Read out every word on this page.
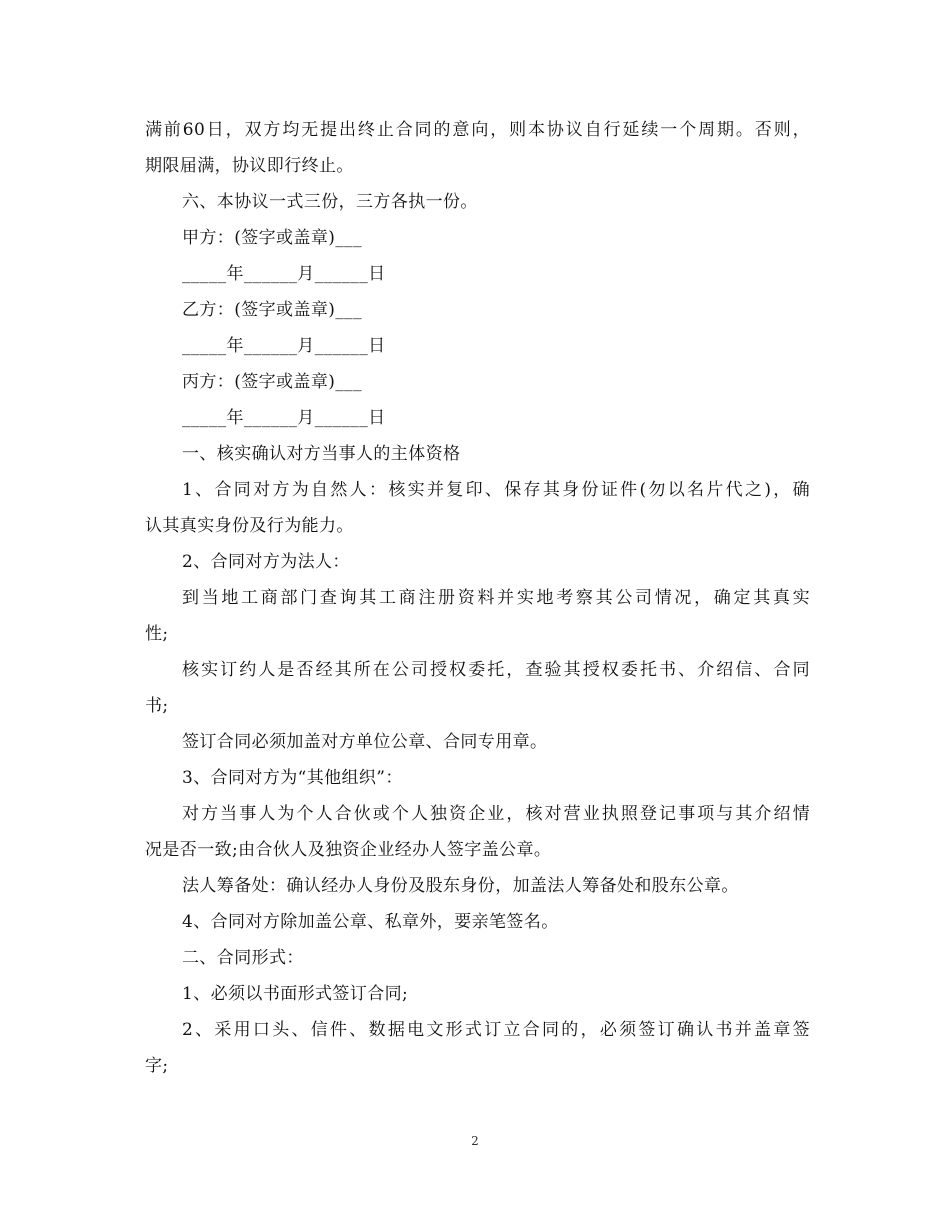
满前60日，双方均无提出终止合同的意向，则本协议自行延续一个周期。否则，
期限届满，协议即行终止。
六、本协议一式三份，三方各执一份。
甲方：(签字或盖章)___
_____年______月______日
乙方：(签字或盖章)___
_____年______月______日
丙方：(签字或盖章)___
_____年______月______日
一、核实确认对方当事人的主体资格
1、合同对方为自然人：核实并复印、保存其身份证件(勿以名片代之)，确
认其真实身份及行为能力。
2、合同对方为法人：
到当地工商部门查询其工商注册资料并实地考察其公司情况，确定其真实
性;
核实订约人是否经其所在公司授权委托，查验其授权委托书、介绍信、合同
书;
签订合同必须加盖对方单位公章、合同专用章。
3、合同对方为“其他组织”：
对方当事人为个人合伙或个人独资企业，核对营业执照登记事项与其介绍情
况是否一致;由合伙人及独资企业经办人签字盖公章。
法人筹备处：确认经办人身份及股东身份，加盖法人筹备处和股东公章。
4、合同对方除加盖公章、私章外，要亲笔签名。
二、合同形式：
1、必须以书面形式签订合同;
2、采用口头、信件、数据电文形式订立合同的，必须签订确认书并盖章签
字;
2
